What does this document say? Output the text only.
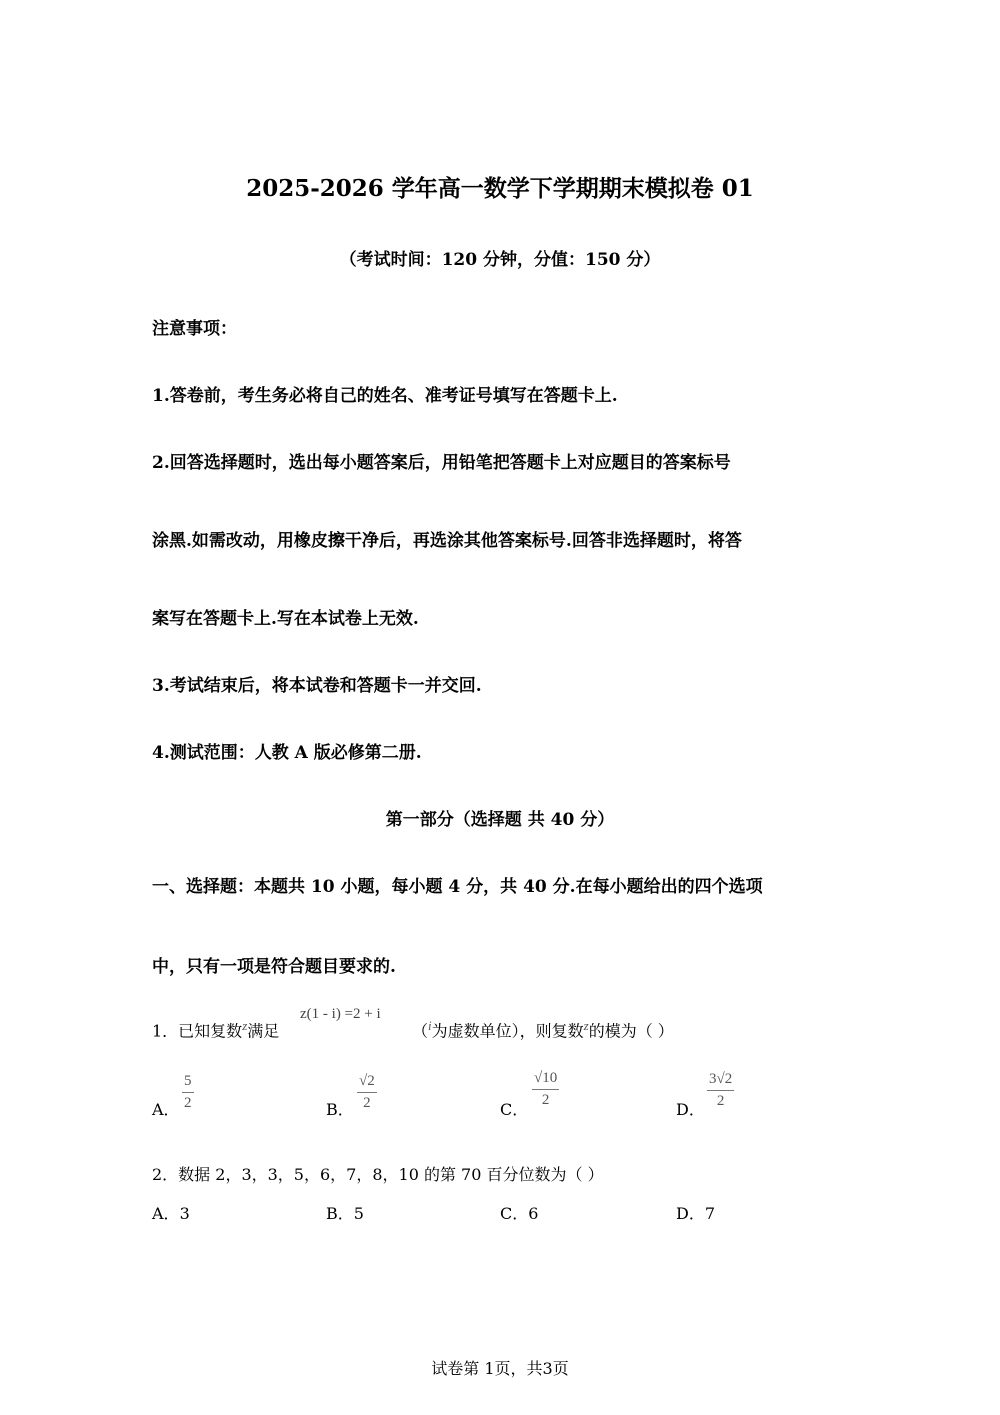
2025-2026 学年高一数学下学期期末模拟卷 01
（考试时间：120 分钟，分值：150 分）
注意事项：
1.答卷前，考生务必将自己的姓名、准考证号填写在答题卡上.
2.回答选择题时，选出每小题答案后，用铅笔把答题卡上对应题目的答案标号
涂黑.如需改动，用橡皮擦干净后，再选涂其他答案标号.回答非选择题时，将答
案写在答题卡上.写在本试卷上无效.
3.考试结束后，将本试卷和答题卡一并交回.
4.测试范围：人教 A 版必修第二册.
第一部分（选择题 共 40 分）
一、选择题：本题共 10 小题，每小题 4 分，共 40 分.在每小题给出的四个选项
中，只有一项是符合题目要求的.
1．已知复数$^z$满足
z(1 - i) =2 + i
（$^i$为虚数单位），则复数$^z$的模为（ ）
A． $\frac{5}{2}$	B． $\frac{√2}{2}$	C．
$\frac{√10}{2}$
D． $\frac{3√2}{2}$
2．数据 2，3，3，5，6，7，8，10 的第 70 百分位数为（ ）
A．3	B．5	C．6	D．7
试卷第 1页，共3页
